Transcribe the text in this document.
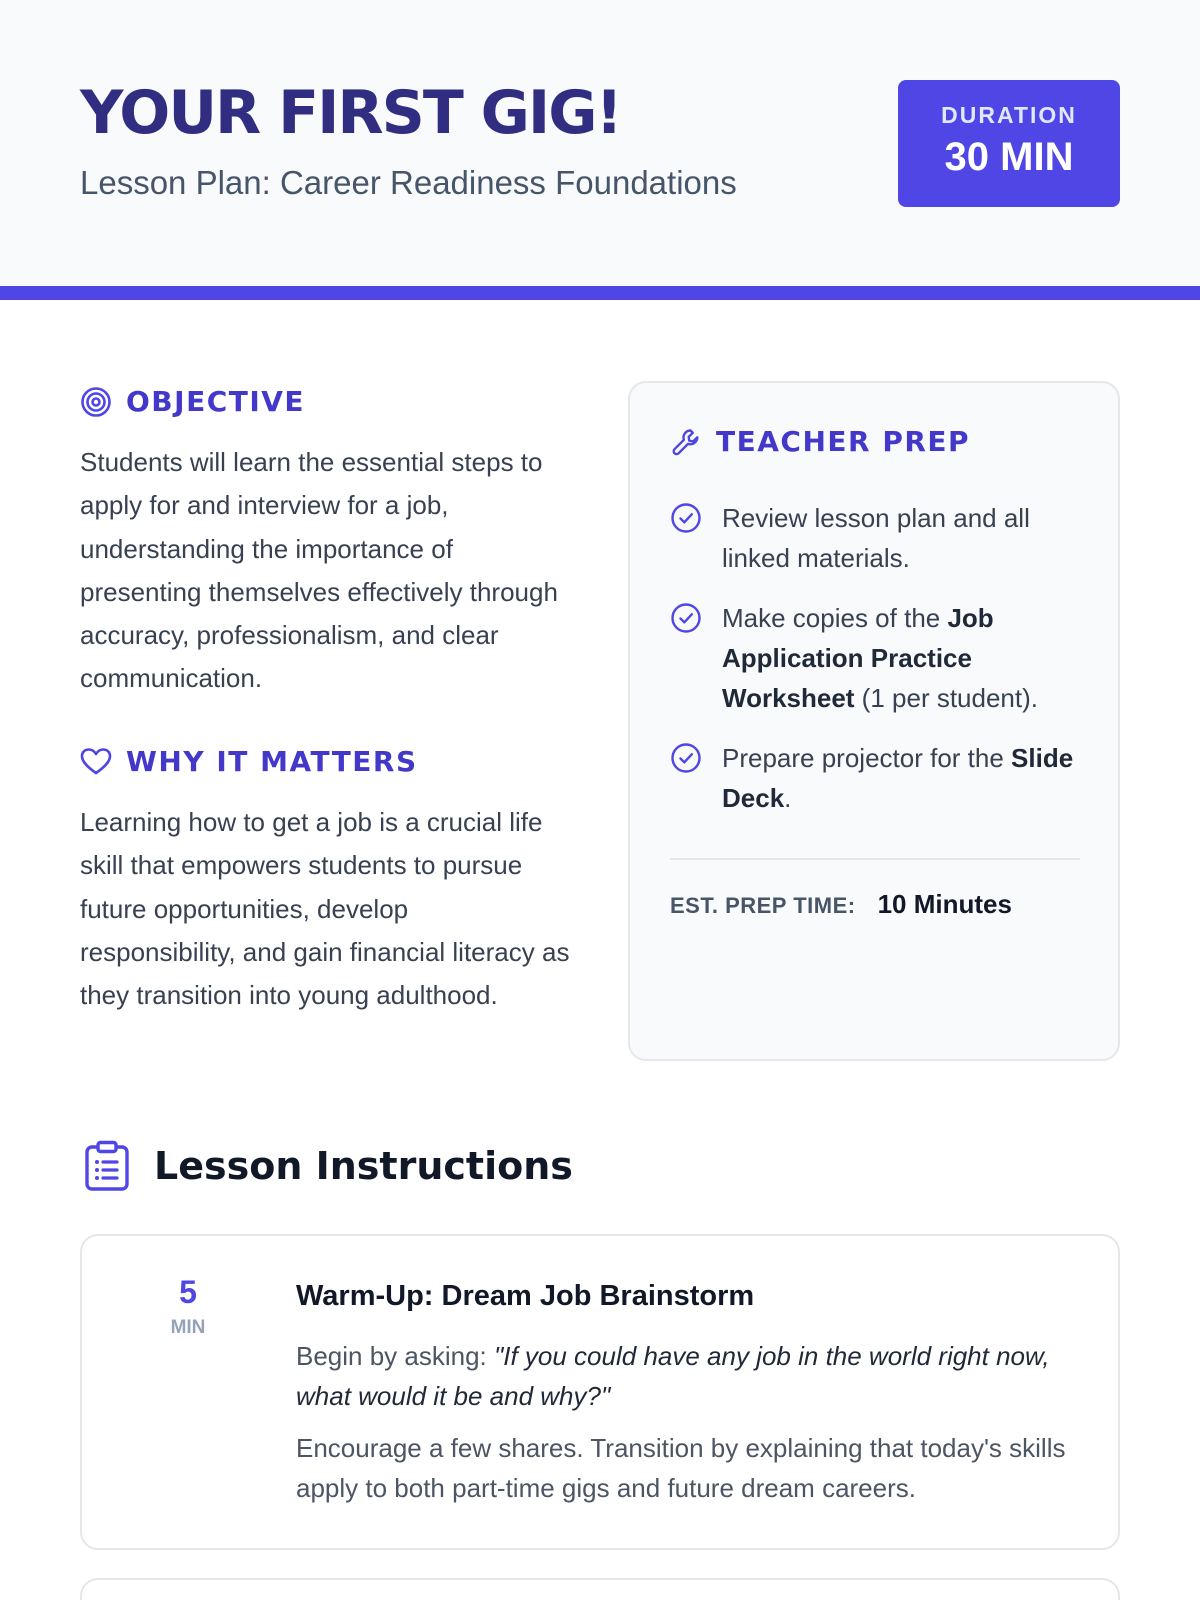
YOUR FIRST GIG!
Lesson Plan: Career Readiness Foundations
DURATION
30 MIN
OBJECTIVE
Students will learn the essential steps to apply for and interview for a job, understanding the importance of presenting themselves effectively through accuracy, professionalism, and clear communication.
WHY IT MATTERS
Learning how to get a job is a crucial life skill that empowers students to pursue future opportunities, develop responsibility, and gain financial literacy as they transition into young adulthood.
TEACHER PREP
Review lesson plan and all linked materials.
Make copies of the Job Application Practice Worksheet (1 per student).
Prepare projector for the Slide Deck.
EST. PREP TIME: 10 Minutes
Lesson Instructions
5
MIN
Warm-Up: Dream Job Brainstorm
Begin by asking: "If you could have any job in the world right now, what would it be and why?"
Encourage a few shares. Transition by explaining that today's skills apply to both part-time gigs and future dream careers.
